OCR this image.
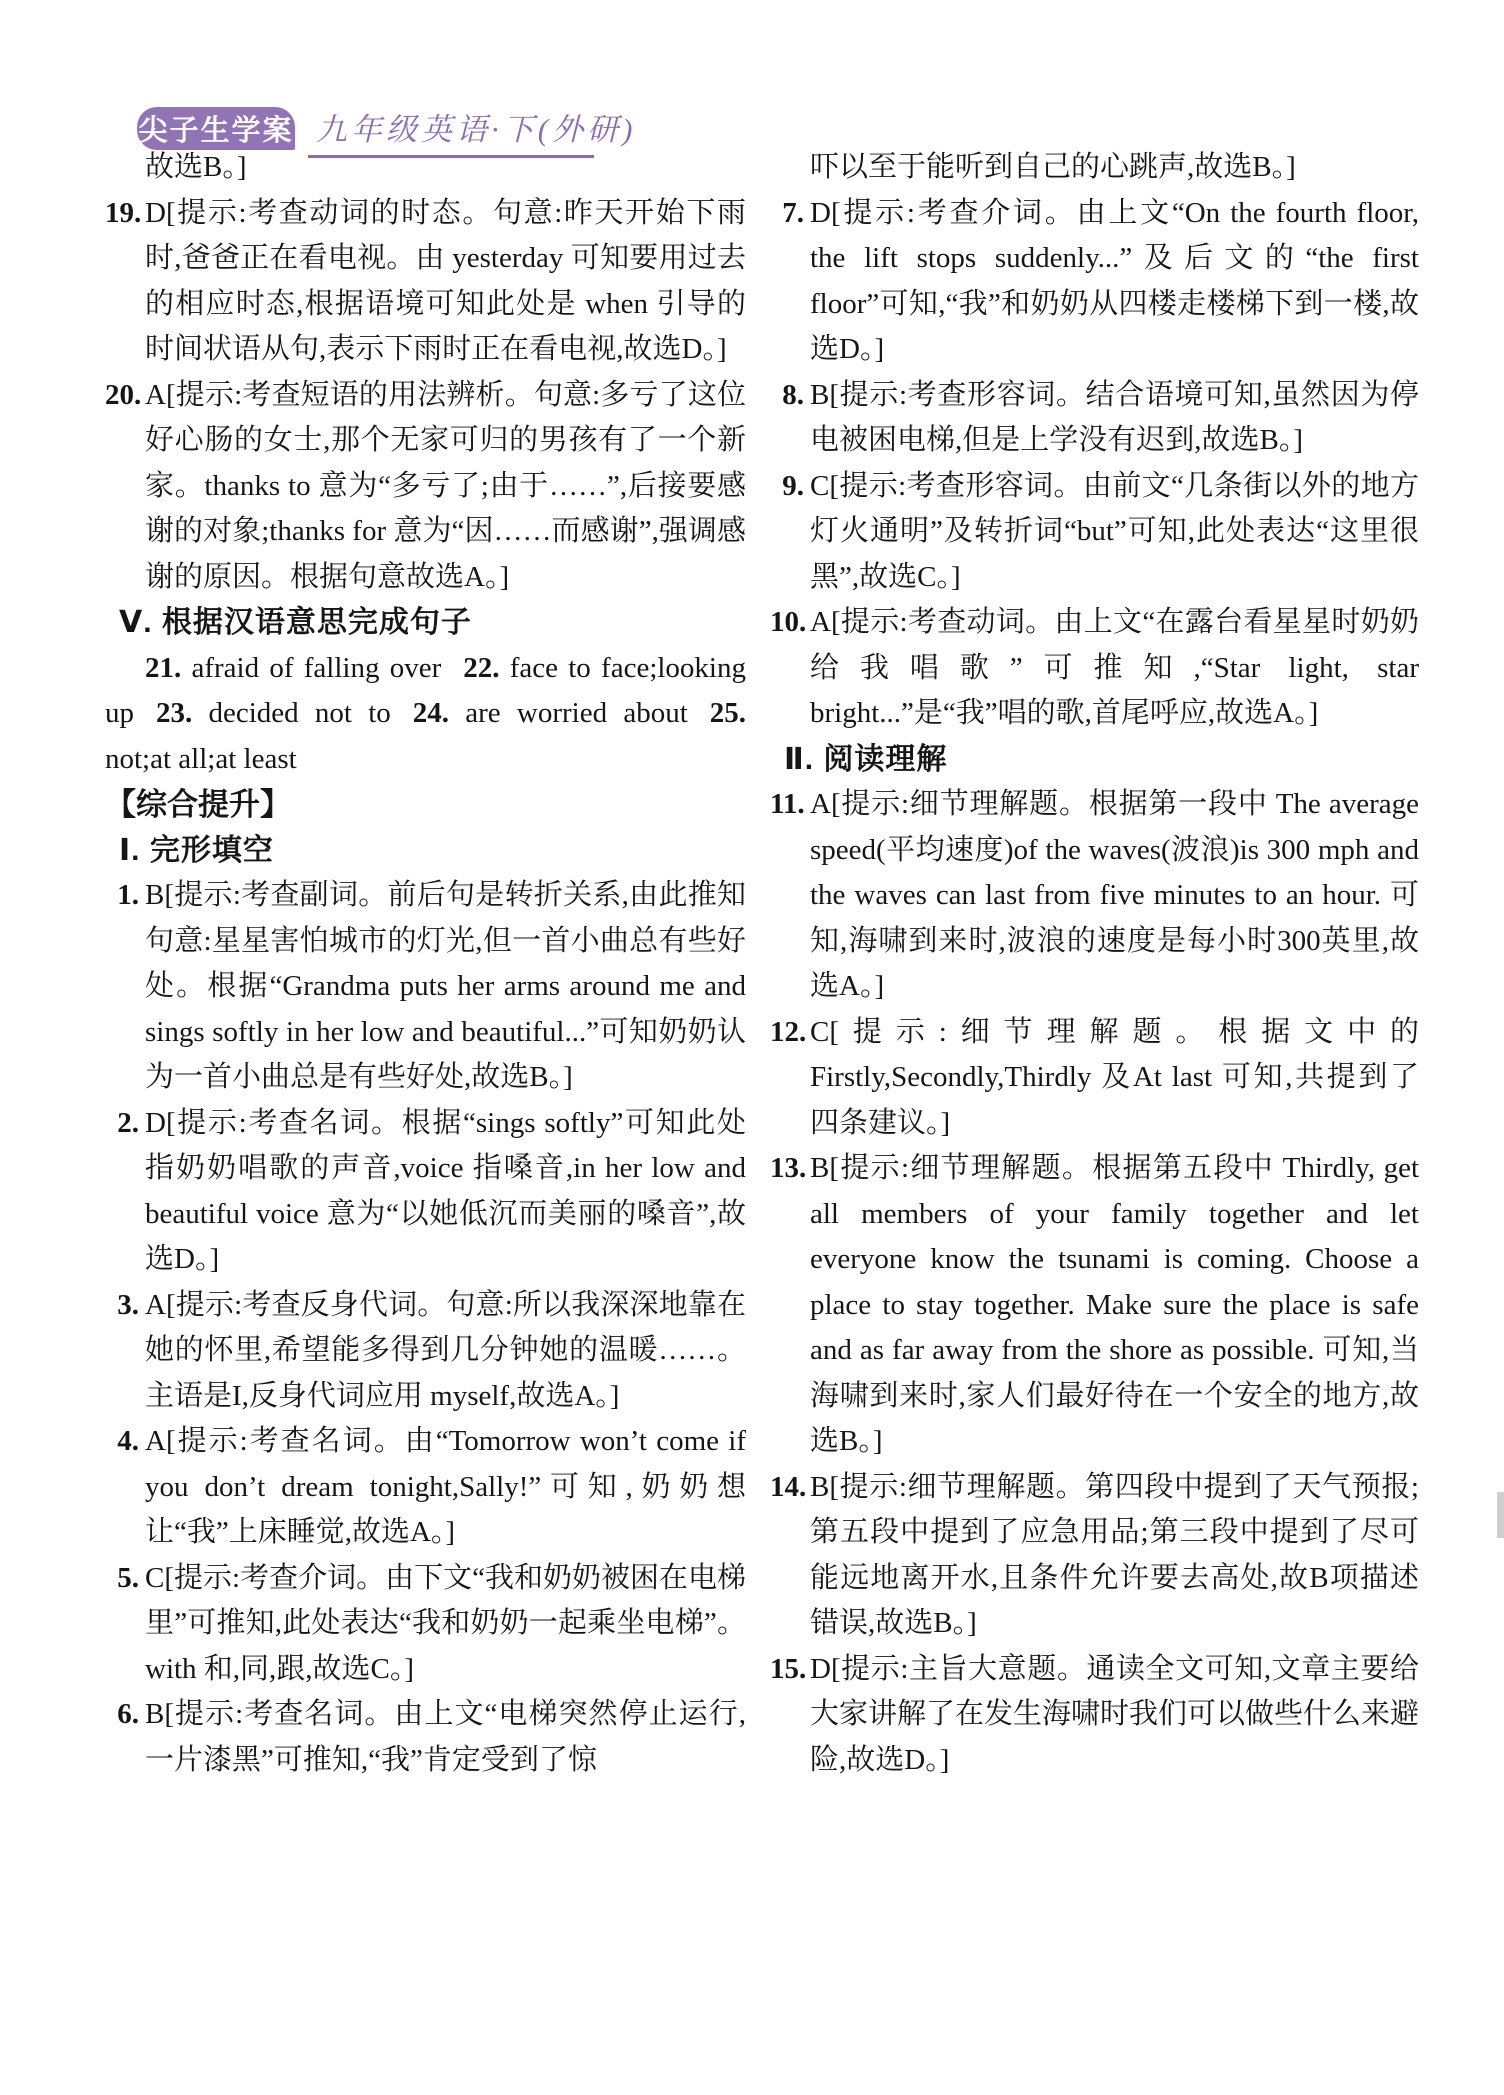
尖子生学案 九年级英语·下(外研)

故选B。]

19. D[提示:考查动词的时态。句意:昨天开始下雨时,爸爸正在看电视。由 yesterday 可知要用过去的相应时态,根据语境可知此处是 when 引导的时间状语从句,表示下雨时正在看电视,故选D。]

20. A[提示:考查短语的用法辨析。句意:多亏了这位好心肠的女士,那个无家可归的男孩有了一个新家。thanks to 意为“多亏了;由于……”,后接要感谢的对象;thanks for 意为“因……而感谢”,强调感谢的原因。根据句意故选A。]

Ⅴ. 根据汉语意思完成句子

21. afraid of falling over 22. face to face;looking up 23. decided not to 24. are worried about 25. not;at all;at least

【综合提升】

Ⅰ. 完形填空

1. B[提示:考查副词。前后句是转折关系,由此推知句意:星星害怕城市的灯光,但一首小曲总有些好处。根据“Grandma puts her arms around me and sings softly in her low and beautiful...”可知奶奶认为一首小曲总是有些好处,故选B。]

2. D[提示:考查名词。根据“sings softly”可知此处指奶奶唱歌的声音,voice 指嗓音,in her low and beautiful voice 意为“以她低沉而美丽的嗓音”,故选D。]

3. A[提示:考查反身代词。句意:所以我深深地靠在她的怀里,希望能多得到几分钟她的温暖……。主语是I,反身代词应用 myself,故选A。]

4. A[提示:考查名词。由“Tomorrow won’t come if you don’t dream tonight,Sally!”可知,奶奶想让“我”上床睡觉,故选A。]

5. C[提示:考查介词。由下文“我和奶奶被困在电梯里”可推知,此处表达“我和奶奶一起乘坐电梯”。with 和,同,跟,故选C。]

6. B[提示:考查名词。由上文“电梯突然停止运行,一片漆黑”可推知,“我”肯定受到了惊

吓以至于能听到自己的心跳声,故选B。]

7. D[提示:考查介词。由上文“On the fourth floor, the lift stops suddenly...”及后文的“the first floor”可知,“我”和奶奶从四楼走楼梯下到一楼,故选D。]

8. B[提示:考查形容词。结合语境可知,虽然因为停电被困电梯,但是上学没有迟到,故选B。]

9. C[提示:考查形容词。由前文“几条街以外的地方灯火通明”及转折词“but”可知,此处表达“这里很黑”,故选C。]

10. A[提示:考查动词。由上文“在露台看星星时奶奶给我唱歌”可推知,“Star light, star bright...”是“我”唱的歌,首尾呼应,故选A。]

Ⅱ. 阅读理解

11. A[提示:细节理解题。根据第一段中 The average speed(平均速度)of the waves(波浪)is 300 mph and the waves can last from five minutes to an hour. 可知,海啸到来时,波浪的速度是每小时300英里,故选A。]

12. C[提示:细节理解题。根据文中的Firstly,Secondly,Thirdly 及At last 可知,共提到了四条建议。]

13. B[提示:细节理解题。根据第五段中 Thirdly, get all members of your family together and let everyone know the tsunami is coming. Choose a place to stay together. Make sure the place is safe and as far away from the shore as possible. 可知,当海啸到来时,家人们最好待在一个安全的地方,故选B。]

14. B[提示:细节理解题。第四段中提到了天气预报;第五段中提到了应急用品;第三段中提到了尽可能远地离开水,且条件允许要去高处,故B项描述错误,故选B。]

15. D[提示:主旨大意题。通读全文可知,文章主要给大家讲解了在发生海啸时我们可以做些什么来避险,故选D。]
